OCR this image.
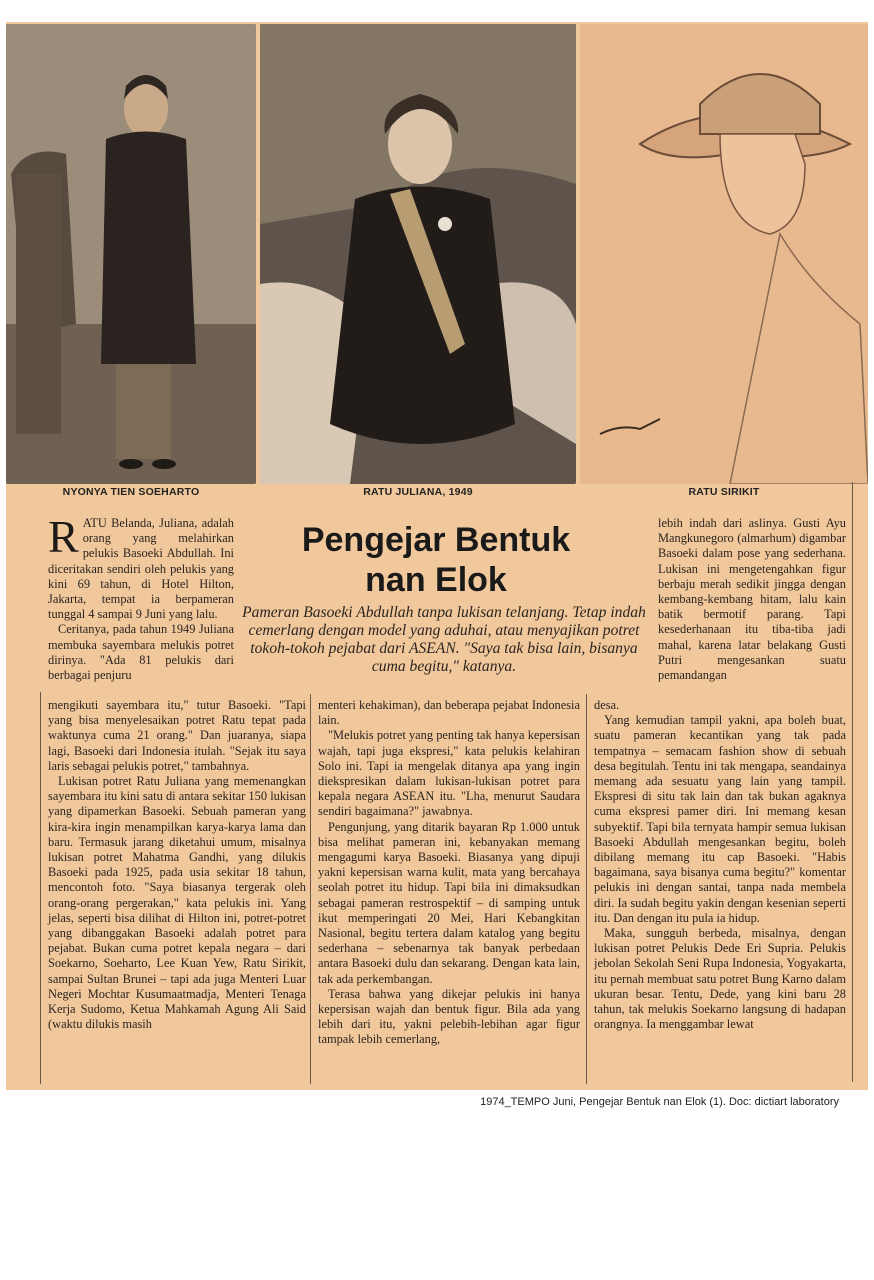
NYONYA TIEN SOEHARTO	RATU JULIANA, 1949	RATU SIRIKIT
Pengejar Bentuk nan Elok
Pameran Basoeki Abdullah tanpa lukisan telanjang. Tetap indah cemerlang dengan model yang aduhai, atau menyajikan potret tokoh-tokoh pejabat dari ASEAN. "Saya tak bisa lain, bisanya cuma begitu," katanya.

RATU Belanda, Juliana, adalah orang yang melahirkan pelukis Basoeki Abdullah. Ini diceritakan sendiri oleh pelukis yang kini 69 tahun, di Hotel Hilton, Jakarta, tempat ia berpameran tunggal 4 sampai 9 Juni yang lalu.

Ceritanya, pada tahun 1949 Juliana membuka sayembara melukis potret dirinya. "Ada 81 pelukis dari berbagai penjuru

mengikuti sayembara itu," tutur Basoeki. "Tapi yang bisa menyelesaikan potret Ratu tepat pada waktunya cuma 21 orang." Dan juaranya, siapa lagi, Basoeki dari Indonesia itulah. "Sejak itu saya laris sebagai pelukis potret," tambahnya.

Lukisan potret Ratu Juliana yang memenangkan sayembara itu kini satu di antara sekitar 150 lukisan yang dipamerkan Basoeki. Sebuah pameran yang kira-kira ingin menampilkan karya-karya lama dan baru. Termasuk jarang diketahui umum, misalnya lukisan potret Mahatma Gandhi, yang dilukis Basoeki pada 1925, pada usia sekitar 18 tahun, mencontoh foto. "Saya biasanya tergerak oleh orang-orang pergerakan," kata pelukis ini. Yang jelas, seperti bisa dilihat di Hilton ini, potret-potret yang dibanggakan Basoeki adalah potret para pejabat. Bukan cuma potret kepala negara – dari Soekarno, Soeharto, Lee Kuan Yew, Ratu Sirikit, sampai Sultan Brunei – tapi ada juga Menteri Luar Negeri Mochtar Kusumaatmadja, Menteri Tenaga Kerja Sudomo, Ketua Mahkamah Agung Ali Said (waktu dilukis masih

menteri kehakiman), dan beberapa pejabat Indonesia lain.

"Melukis potret yang penting tak hanya kepersisan wajah, tapi juga ekspresi," kata pelukis kelahiran Solo ini. Tapi ia mengelak ditanya apa yang ingin diekspresikan dalam lukisan-lukisan potret para kepala negara ASEAN itu. "Lha, menurut Saudara sendiri bagaimana?" jawabnya.

Pengunjung, yang ditarik bayaran Rp 1.000 untuk bisa melihat pameran ini, kebanyakan memang mengagumi karya Basoeki. Biasanya yang dipuji yakni kepersisan warna kulit, mata yang bercahaya seolah potret itu hidup. Tapi bila ini dimaksudkan sebagai pameran restrospektif – di samping untuk ikut memperingati 20 Mei, Hari Kebangkitan Nasional, begitu tertera dalam katalog yang begitu sederhana – sebenarnya tak banyak perbedaan antara Basoeki dulu dan sekarang. Dengan kata lain, tak ada perkembangan.

Terasa bahwa yang dikejar pelukis ini hanya kepersisan wajah dan bentuk figur. Bila ada yang lebih dari itu, yakni pelebih-lebihan agar figur tampak lebih cemerlang,

lebih indah dari aslinya. Gusti Ayu Mangkunegoro (almarhum) digambar Basoeki dalam pose yang sederhana. Lukisan ini mengetengahkan figur berbaju merah sedikit jingga dengan kembang-kembang hitam, lalu kain batik bermotif parang. Tapi kesederhanaan itu tiba-tiba jadi mahal, karena latar belakang Gusti Putri mengesankan suatu pemandangan

desa.

Yang kemudian tampil yakni, apa boleh buat, suatu pameran kecantikan yang tak pada tempatnya – semacam fashion show di sebuah desa begitulah. Tentu ini tak mengapa, seandainya memang ada sesuatu yang lain yang tampil. Ekspresi di situ tak lain dan tak bukan agaknya cuma ekspresi pamer diri. Ini memang kesan subyektif. Tapi bila ternyata hampir semua lukisan Basoeki Abdullah mengesankan begitu, boleh dibilang memang itu cap Basoeki. "Habis bagaimana, saya bisanya cuma begitu?" komentar pelukis ini dengan santai, tanpa nada membela diri. Ia sudah begitu yakin dengan kesenian seperti itu. Dan dengan itu pula ia hidup.

Maka, sungguh berbeda, misalnya, dengan lukisan potret Pelukis Dede Eri Supria. Pelukis jebolan Sekolah Seni Rupa Indonesia, Yogyakarta, itu pernah membuat satu potret Bung Karno dalam ukuran besar. Tentu, Dede, yang kini baru 28 tahun, tak melukis Soekarno langsung di hadapan orangnya. Ia menggambar lewat

1974_TEMPO Juni, Pengejar Bentuk nan Elok (1). Doc: dictiart laboratory
